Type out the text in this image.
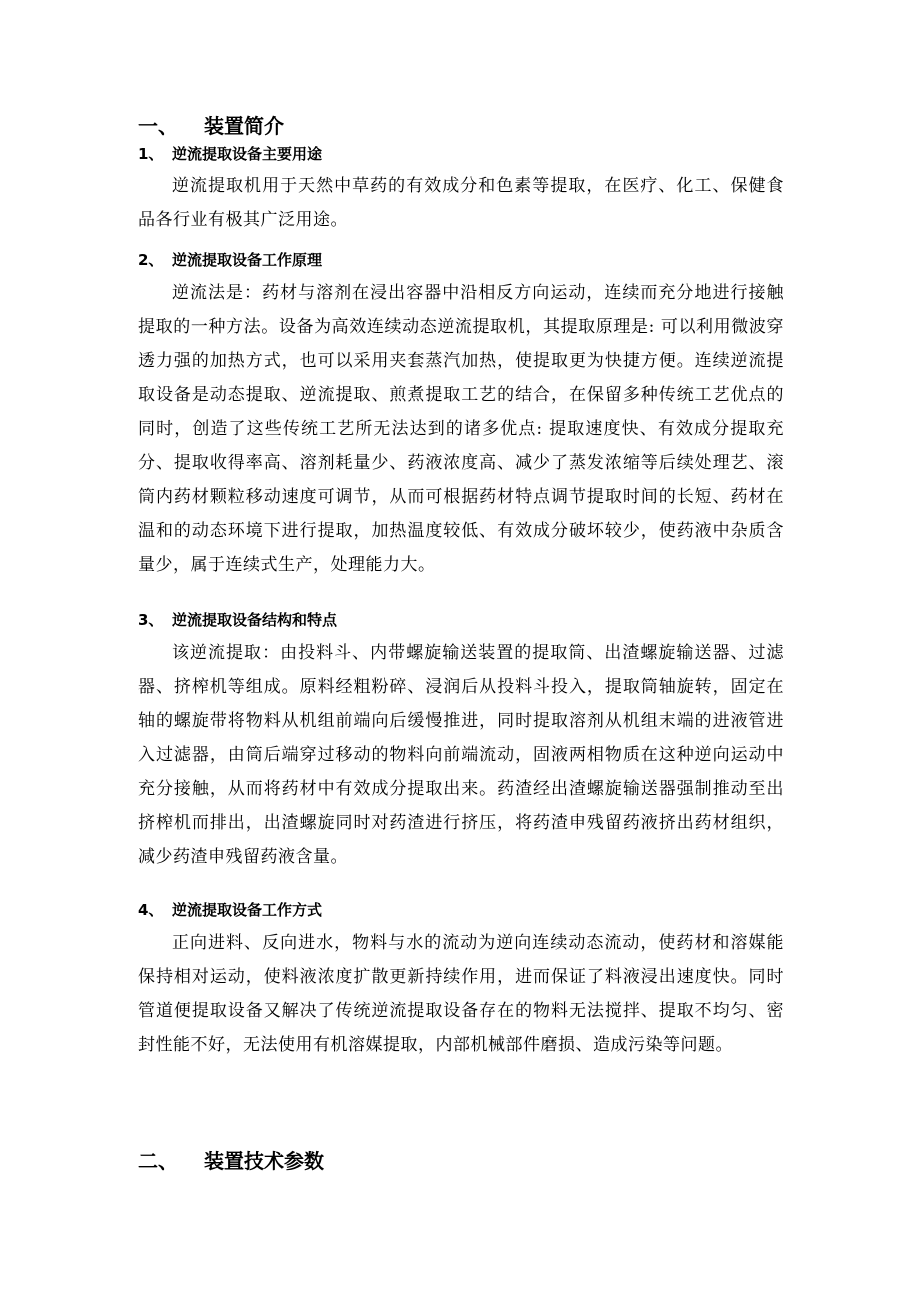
一、 装置简介
1、 逆流提取设备主要用途
逆流提取机用于天然中草药的有效成分和色素等提取，在医疗、化工、保健食品各行业有极其广泛用途。
2、 逆流提取设备工作原理
逆流法是：药材与溶剂在浸出容器中沿相反方向运动，连续而充分地进行接触提取的一种方法。设备为高效连续动态逆流提取机，其提取原理是: 可以利用微波穿透力强的加热方式，也可以采用夹套蒸汽加热，使提取更为快捷方便。连续逆流提取设备是动态提取、逆流提取、煎煮提取工艺的结合，在保留多种传统工艺优点的同时，创造了这些传统工艺所无法达到的诸多优点: 提取速度快、有效成分提取充分、提取收得率高、溶剂耗量少、药液浓度高、减少了蒸发浓缩等后续处理艺、滚筒内药材颗粒移动速度可调节，从而可根据药材特点调节提取时间的长短、药材在温和的动态环境下进行提取，加热温度较低、有效成分破坏较少，使药液中杂质含量少，属于连续式生产，处理能力大。
3、 逆流提取设备结构和特点
该逆流提取：由投料斗、内带螺旋输送装置的提取筒、出渣螺旋输送器、过滤器、挤榨机等组成。原料经粗粉碎、浸润后从投料斗投入，提取筒轴旋转，固定在轴的螺旋带将物料从机组前端向后缓慢推进，同时提取溶剂从机组末端的进液管进入过滤器，由筒后端穿过移动的物料向前端流动，固液两相物质在这种逆向运动中充分接触，从而将药材中有效成分提取出来。药渣经出渣螺旋输送器强制推动至出挤榨机而排出，出渣螺旋同时对药渣进行挤压，将药渣申残留药液挤出药材组织，减少药渣申残留药液含量。
4、 逆流提取设备工作方式
正向进料、反向进水，物料与水的流动为逆向连续动态流动，使药材和溶媒能保持相对运动，使料液浓度扩散更新持续作用，进而保证了料液浸出速度快。同时管道便提取设备又解决了传统逆流提取设备存在的物料无法搅拌、提取不均匀、密封性能不好，无法使用有机溶媒提取，内部机械部件磨损、造成污染等问题。
二、 装置技术参数
